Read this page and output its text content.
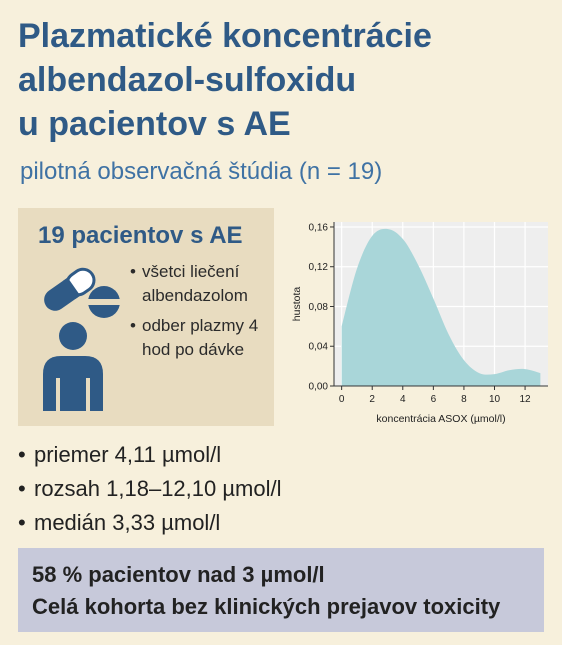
Plazmatické koncentrácie
albendazol-sulfoxidu
u pacientov s AE

pilotná observačná štúdia (n = 19)

19 pacientov s AE
• všetci liečení albendazolom
• odber plazmy 4 hod po dávke
0	2	4	6	8 10 12
0,00
0,04
0,08
0,12
0,16
koncentrácia ASOX (µmol/l)
hustota
• priemer 4,11 µmol/l
• rozsah 1,18–12,10 µmol/l
• medián 3,33 µmol/l
58 % pacientov nad 3 µmol/l
Celá kohorta bez klinických prejavov toxicity
